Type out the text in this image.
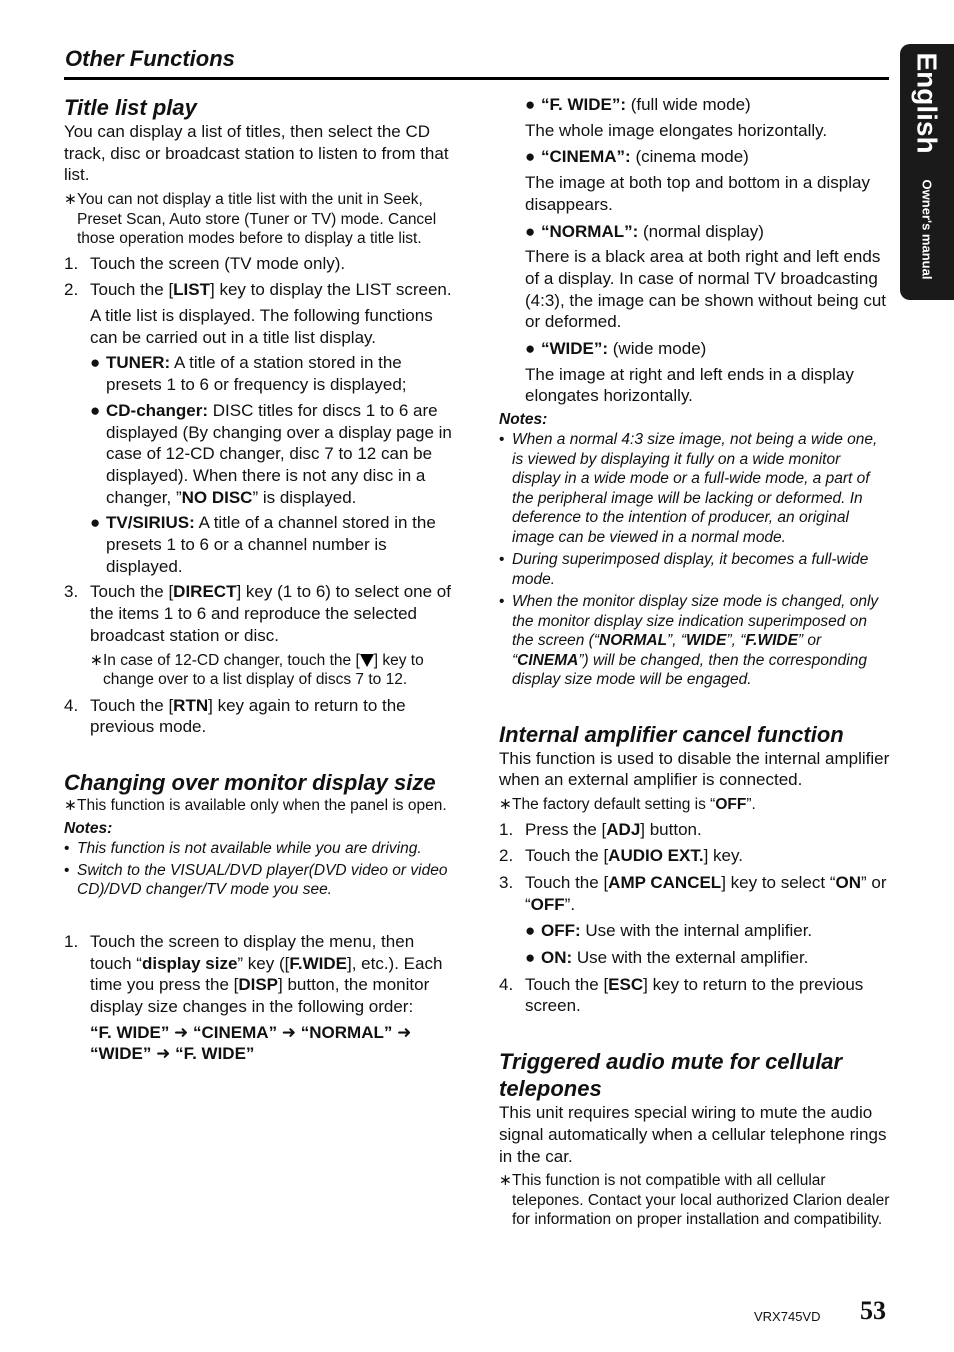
Other Functions	English
Owner's manual
Title list play

You can display a list of titles, then select the CD track, disc or broadcast station to listen to from that list.

∗You can not display a title list with the unit in Seek, Preset Scan, Auto store (Tuner or TV) mode. Cancel those operation modes before to display a title list.

1. Touch the screen (TV mode only).
2. Touch the [LIST] key to display the LIST screen.

A title list is displayed. The following functions can be carried out in a title list display.

● TUNER: A title of a station stored in the presets 1 to 6 or frequency is displayed;
● CD-changer: DISC titles for discs 1 to 6 are displayed (By changing over a display page in case of 12-CD changer, disc 7 to 12 can be displayed). When there is not any disc in a changer, ”NO DISC” is displayed.
● TV/SIRIUS: A title of a channel stored in the presets 1 to 6 or a channel number is displayed.
3. Touch the [DIRECT] key (1 to 6) to select one of the items 1 to 6 and reproduce the selected broadcast station or disc.

∗In case of 12-CD changer, touch the [ ] key to change over to a list display of discs 7 to 12.

4. Touch the [RTN] key again to return to the previous mode.
Changing over monitor display size

∗This function is available only when the panel is open.

Notes:

• This function is not available while you are driving.

• Switch to the VISUAL/DVD player(DVD video or video CD)/DVD changer/TV mode you see.

1. Touch the screen to display the menu, then touch “display size” key ([F.WIDE], etc.). Each time you press the [DISP] button, the monitor display size changes in the following order:

“F. WIDE” ➜ “CINEMA” ➜ “NORMAL” ➜ “WIDE” ➜ “F. WIDE”

● “F. WIDE”: (full wide mode)

The whole image elongates horizontally.

● “CINEMA”: (cinema mode)

The image at both top and bottom in a display disappears.

● “NORMAL”: (normal display)

There is a black area at both right and left ends of a display. In case of normal TV broadcasting (4:3), the image can be shown without being cut or deformed.

● “WIDE”: (wide mode)

The image at right and left ends in a display elongates horizontally.

Notes:

• When a normal 4:3 size image, not being a wide one, is viewed by displaying it fully on a wide monitor display in a wide mode or a full-wide mode, a part of the peripheral image will be lacking or deformed. In deference to the intention of producer, an original image can be viewed in a normal mode.

• During superimposed display, it becomes a full-wide mode.

• When the monitor display size mode is changed, only the monitor display size indication superimposed on the screen (“NORMAL”, “WIDE”, “F.WIDE” or “CINEMA”) will be changed, then the corresponding display size mode will be engaged.

Internal amplifier cancel function

This function is used to disable the internal amplifier when an external amplifier is connected.

∗The factory default setting is “OFF”.

1. Press the [ADJ] button.
2. Touch the [AUDIO EXT.] key.
3. Touch the [AMP CANCEL] key to select “ON” or “OFF”.
● OFF: Use with the internal amplifier.
● ON: Use with the external amplifier.
4. Touch the [ESC] key to return to the previous screen.
Triggered audio mute for cellular telepones

This unit requires special wiring to mute the audio signal automatically when a cellular telephone rings in the car.

∗This function is not compatible with all cellular telepones. Contact your local authorized Clarion dealer for information on proper installation and compatibility.

VRX745VD 53
